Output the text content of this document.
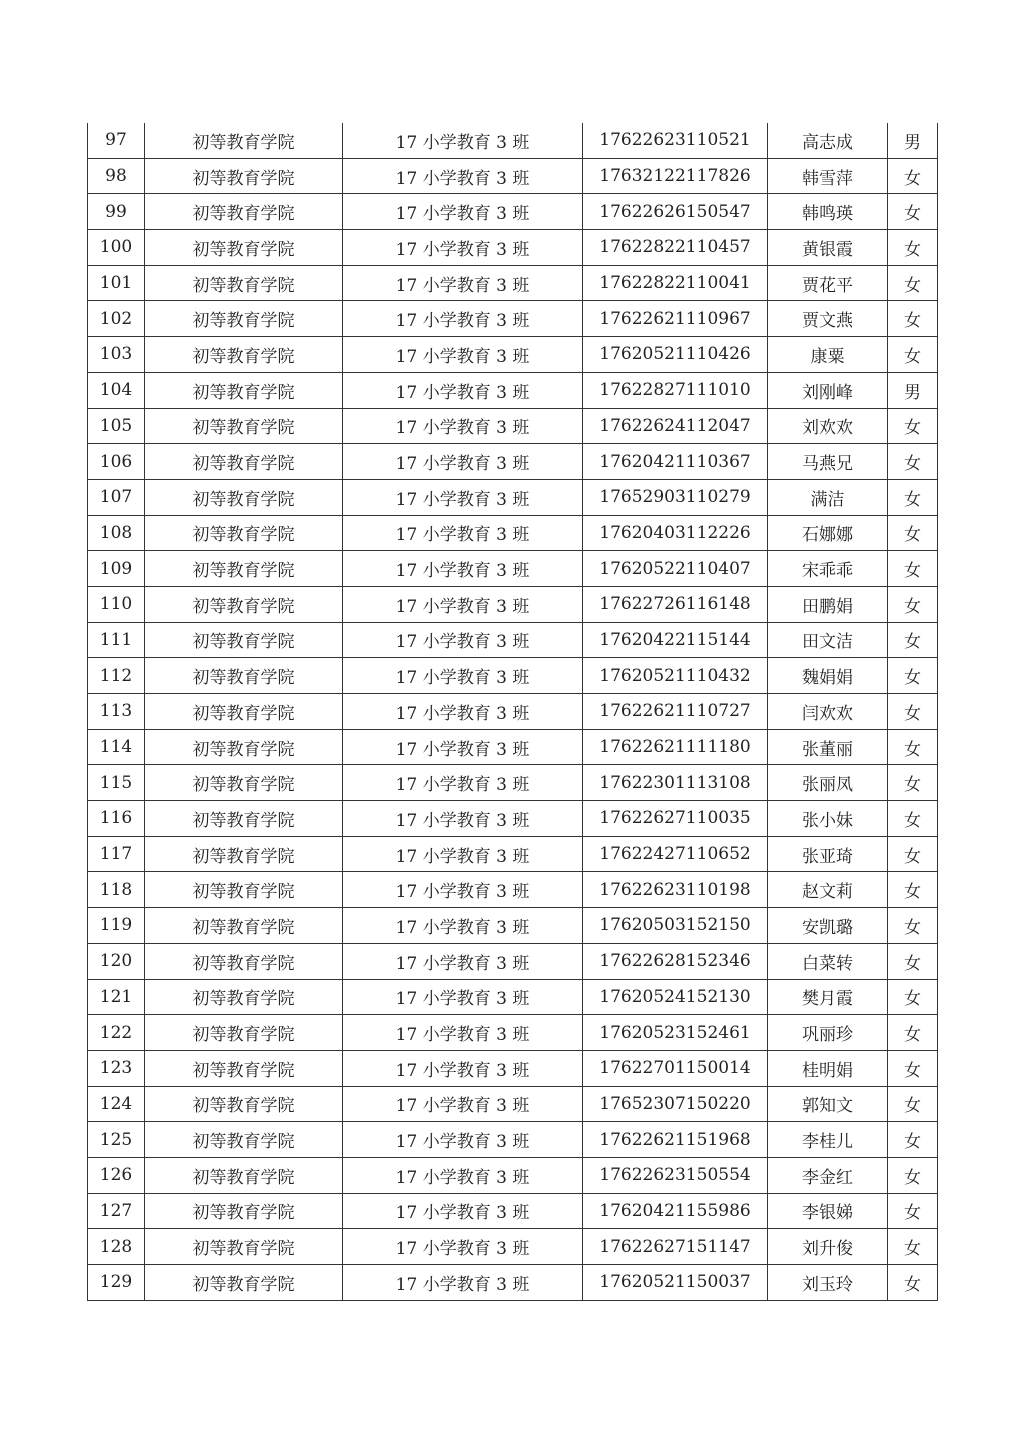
97	初等教育学院	17 小学教育 3 班	17622623110521	高志成	男
98	初等教育学院	17 小学教育 3 班	17632122117826	韩雪萍	女
99	初等教育学院	17 小学教育 3 班	17622626150547	韩鸣瑛	女
100	初等教育学院	17 小学教育 3 班	17622822110457	黄银霞	女
101	初等教育学院	17 小学教育 3 班	17622822110041	贾花平	女
102	初等教育学院	17 小学教育 3 班	17622621110967	贾文燕	女
103	初等教育学院	17 小学教育 3 班	17620521110426	康粟	女
104	初等教育学院	17 小学教育 3 班	17622827111010	刘刚峰	男
105	初等教育学院	17 小学教育 3 班	17622624112047	刘欢欢	女
106	初等教育学院	17 小学教育 3 班	17620421110367	马燕兄	女
107	初等教育学院	17 小学教育 3 班	17652903110279	满洁	女
108	初等教育学院	17 小学教育 3 班	17620403112226	石娜娜	女
109	初等教育学院	17 小学教育 3 班	17620522110407	宋乖乖	女
110	初等教育学院	17 小学教育 3 班	17622726116148	田鹏娟	女
111	初等教育学院	17 小学教育 3 班	17620422115144	田文洁	女
112	初等教育学院	17 小学教育 3 班	17620521110432	魏娟娟	女
113	初等教育学院	17 小学教育 3 班	17622621110727	闫欢欢	女
114	初等教育学院	17 小学教育 3 班	17622621111180	张董丽	女
115	初等教育学院	17 小学教育 3 班	17622301113108	张丽凤	女
116	初等教育学院	17 小学教育 3 班	17622627110035	张小妹	女
117	初等教育学院	17 小学教育 3 班	17622427110652	张亚琦	女
118	初等教育学院	17 小学教育 3 班	17622623110198	赵文莉	女
119	初等教育学院	17 小学教育 3 班	17620503152150	安凯璐	女
120	初等教育学院	17 小学教育 3 班	17622628152346	白菜转	女
121	初等教育学院	17 小学教育 3 班	17620524152130	樊月霞	女
122	初等教育学院	17 小学教育 3 班	17620523152461	巩丽珍	女
123	初等教育学院	17 小学教育 3 班	17622701150014	桂明娟	女
124	初等教育学院	17 小学教育 3 班	17652307150220	郭知文	女
125	初等教育学院	17 小学教育 3 班	17622621151968	李桂儿	女
126	初等教育学院	17 小学教育 3 班	17622623150554	李金红	女
127	初等教育学院	17 小学教育 3 班	17620421155986	李银娣	女
128	初等教育学院	17 小学教育 3 班	17622627151147	刘升俊	女
129	初等教育学院	17 小学教育 3 班	17620521150037	刘玉玲	女
